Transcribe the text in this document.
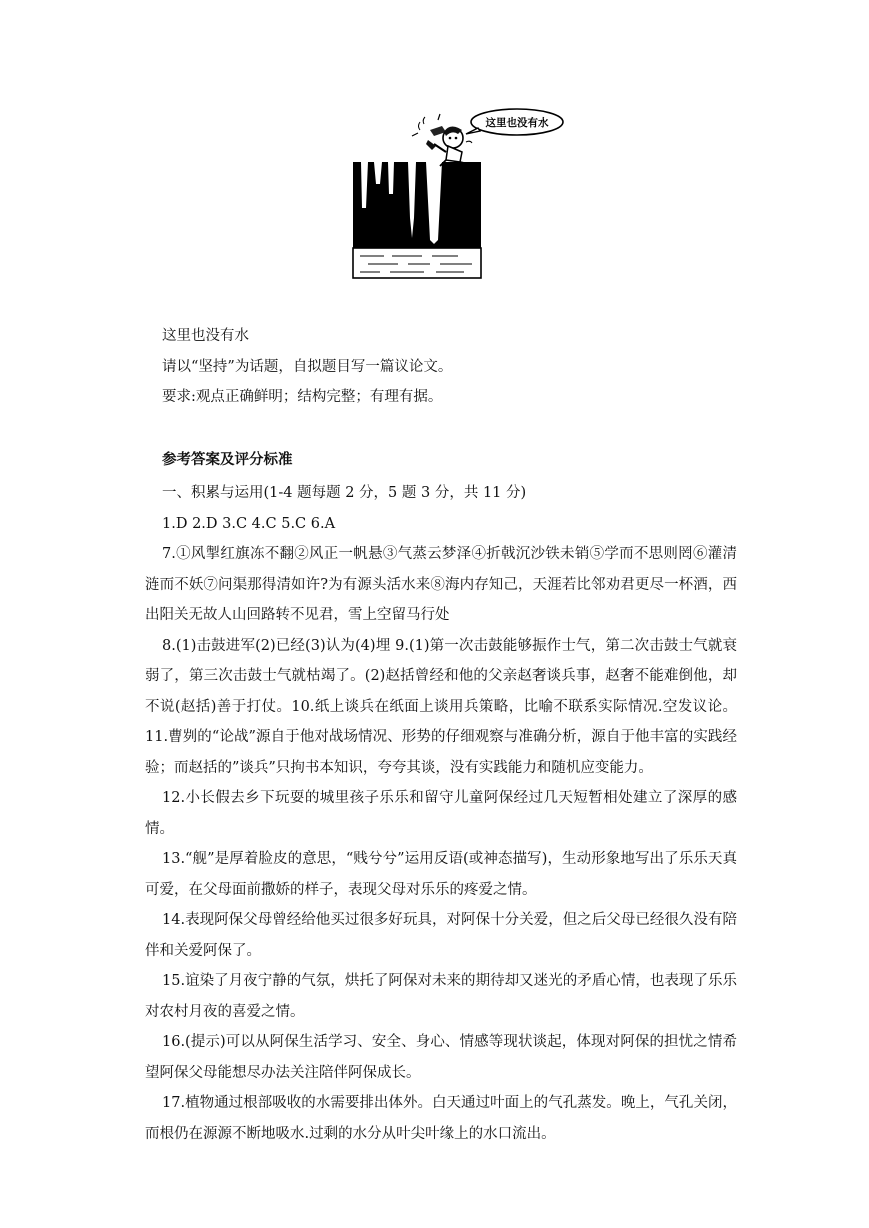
这里也没有水
这里也没有水
请以“坚持”为话题，自拟题目写一篇议论文。
要求:观点正确鲜明；结构完整；有理有据。
参考答案及评分标准

一、积累与运用(1-4 题每题 2 分，5 题 3 分，共 11 分)

1.D 2.D 3.C 4.C 5.C 6.A

7.①风掣红旗冻不翻②风正一帆悬③气蒸云梦泽④折戟沉沙铁未销⑤学而不思则罔⑥灌清涟而不妖⑦问渠那得清如许?为有源头活水来⑧海内存知己，天涯若比邻劝君更尽一杯酒，西出阳关无故人山回路转不见君，雪上空留马行处

8.(1)击鼓进军(2)已经(3)认为(4)埋 9.(1)第一次击鼓能够振作士气，第二次击鼓士气就衰弱了，第三次击鼓士气就枯竭了。(2)赵括曾经和他的父亲赵奢谈兵事，赵奢不能难倒他，却不说(赵括)善于打仗。10.纸上谈兵在纸面上谈用兵策略，比喻不联系实际情况.空发议论。11.曹刿的“论战”源自于他对战场情况、形势的仔细观察与准确分析，源自于他丰富的实践经验；而赵括的”谈兵”只拘书本知识，夸夸其谈，没有实践能力和随机应变能力。

12.小长假去乡下玩耍的城里孩子乐乐和留守儿童阿保经过几天短暂相处建立了深厚的感情。

13.“舰”是厚着脸皮的意思，“贱兮兮”运用反语(或神态描写)，生动形象地写出了乐乐天真可爱，在父母面前撒娇的样子，表现父母对乐乐的疼爱之情。

14.表现阿保父母曾经给他买过很多好玩具，对阿保十分关爱，但之后父母已经很久没有陪伴和关爱阿保了。

15.谊染了月夜宁静的气氛，烘托了阿保对未来的期待却又迷光的矛盾心情，也表现了乐乐对农村月夜的喜爱之情。

16.(提示)可以从阿保生活学习、安全、身心、情感等现状谈起，体现对阿保的担忧之情希望阿保父母能想尽办法关注陪伴阿保成长。

17.植物通过根部吸收的水需要排出体外。白天通过叶面上的气孔蒸发。晚上，气孔关闭，而根仍在源源不断地吸水.过剩的水分从叶尖叶缘上的水口流出。
